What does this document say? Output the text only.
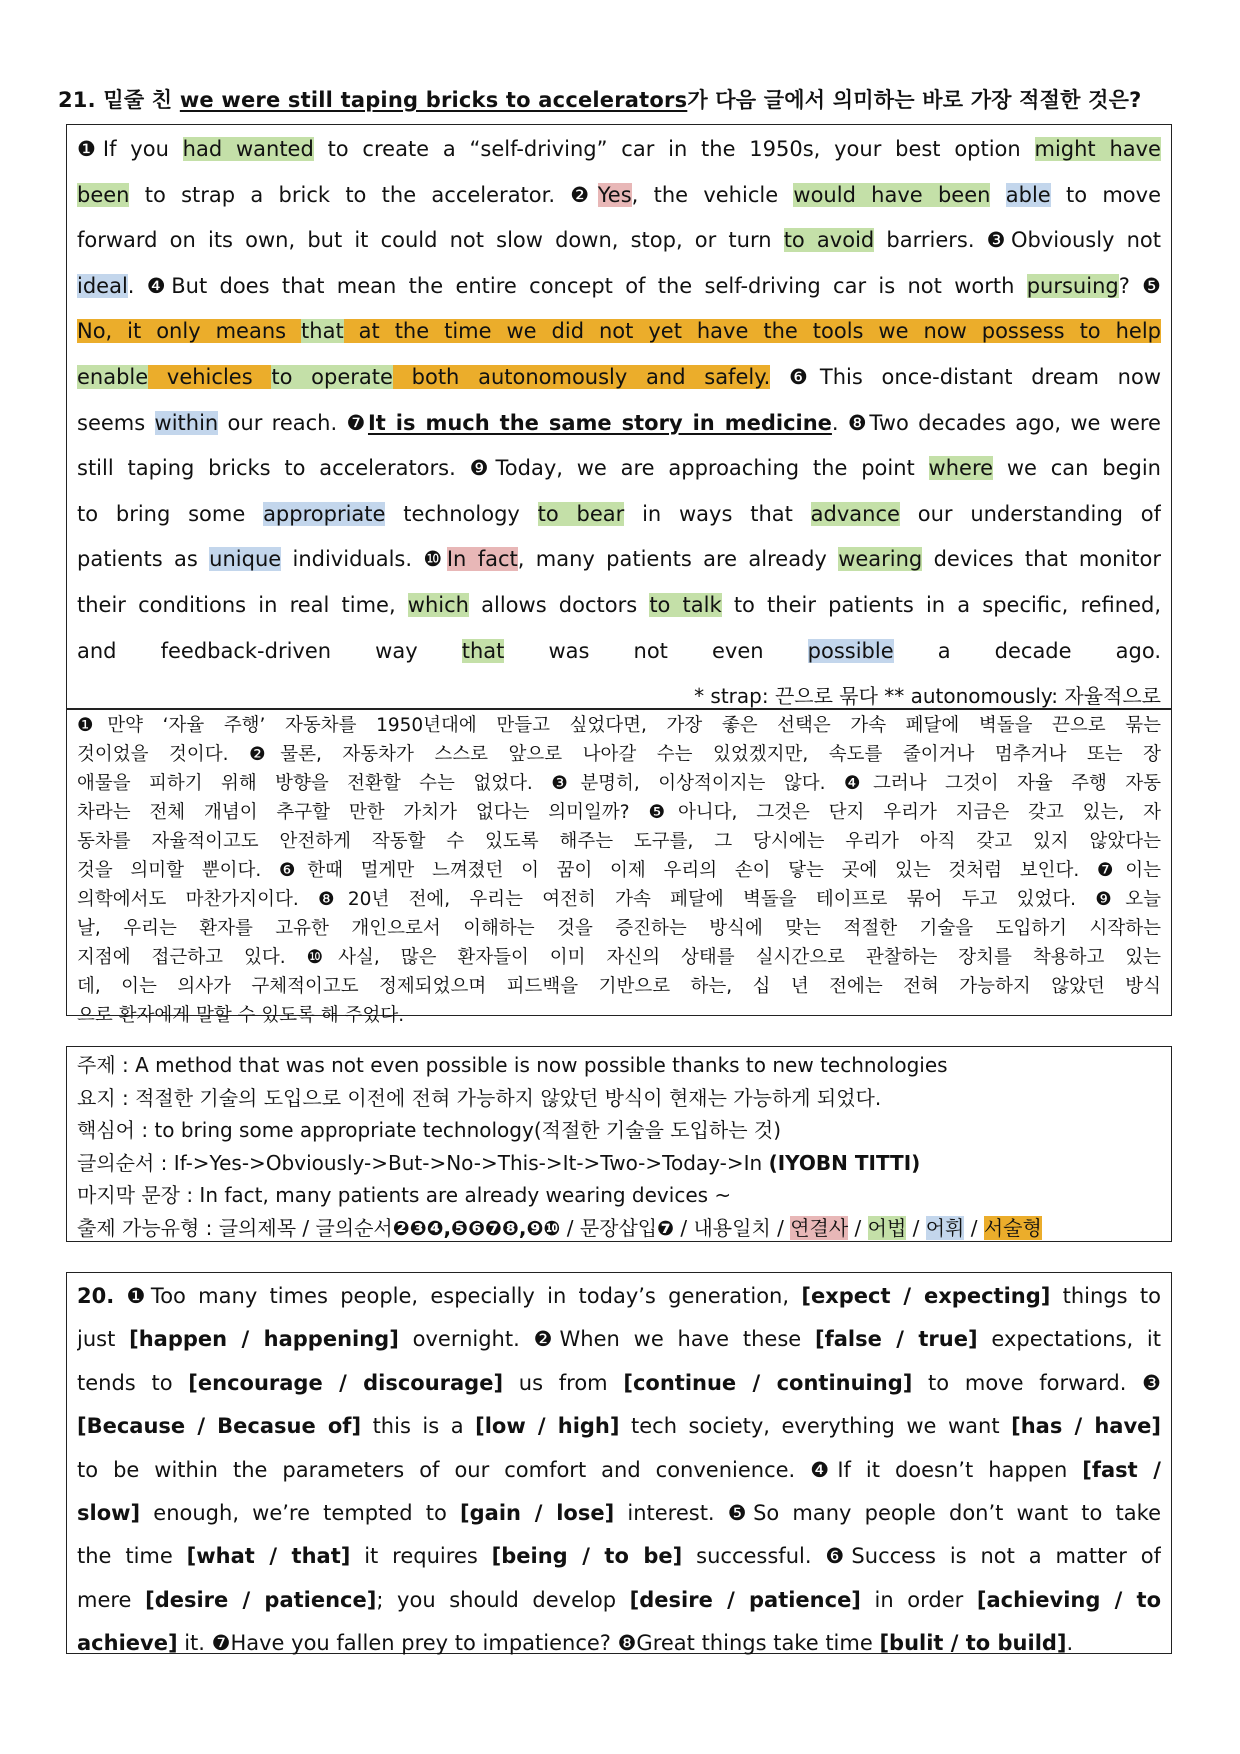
21. 밑줄 친 we were still taping bricks to accelerators가 다음 글에서 의미하는 바로 가장 적절한 것은?
❶If you had wanted to create a “self-driving” car in the 1950s, your best option might have
been to strap a brick to the accelerator. ❷Yes, the vehicle would have been able to move
forward on its own, but it could not slow down, stop, or turn to avoid barriers. ❸Obviously not
ideal. ❹But does that mean the entire concept of the self-driving car is not worth pursuing? ❺
No, it only means that at the time we did not yet have the tools we now possess to help
enable vehicles to operate both autonomously and safely. ❻This once-distant dream now
seems within our reach. ❼It is much the same story in medicine. ❽Two decades ago, we were
still taping bricks to accelerators. ❾Today, we are approaching the point where we can begin
to bring some appropriate technology to bear in ways that advance our understanding of
patients as unique individuals. ❿In fact, many patients are already wearing devices that monitor
their conditions in real time, which allows doctors to talk to their patients in a specific, refined,
and feedback-driven way that was not even possible a decade ago.
* strap: 끈으로 묶다 ** autonomously: 자율적으로
❶만약 ‘자율 주행’ 자동차를 1950년대에 만들고 싶었다면, 가장 좋은 선택은 가속 페달에 벽돌을 끈으로 묶는
것이었을 것이다. ❷물론, 자동차가 스스로 앞으로 나아갈 수는 있었겠지만, 속도를 줄이거나 멈추거나 또는 장
애물을 피하기 위해 방향을 전환할 수는 없었다. ❸분명히, 이상적이지는 않다. ❹그러나 그것이 자율 주행 자동
차라는 전체 개념이 추구할 만한 가치가 없다는 의미일까? ❺아니다, 그것은 단지 우리가 지금은 갖고 있는, 자
동차를 자율적이고도 안전하게 작동할 수 있도록 해주는 도구를, 그 당시에는 우리가 아직 갖고 있지 않았다는
것을 의미할 뿐이다. ❻한때 멀게만 느껴졌던 이 꿈이 이제 우리의 손이 닿는 곳에 있는 것처럼 보인다. ❼이는
의학에서도 마찬가지이다. ❽20년 전에, 우리는 여전히 가속 페달에 벽돌을 테이프로 묶어 두고 있었다. ❾오늘
날, 우리는 환자를 고유한 개인으로서 이해하는 것을 증진하는 방식에 맞는 적절한 기술을 도입하기 시작하는
지점에 접근하고 있다. ❿사실, 많은 환자들이 이미 자신의 상태를 실시간으로 관찰하는 장치를 착용하고 있는
데, 이는 의사가 구체적이고도 정제되었으며 피드백을 기반으로 하는, 십 년 전에는 전혀 가능하지 않았던 방식
으로 환자에게 말할 수 있도록 해 주었다.
주제 : A method that was not even possible is now possible thanks to new technologies
요지 : 적절한 기술의 도입으로 이전에 전혀 가능하지 않았던 방식이 현재는 가능하게 되었다.
핵심어 : to bring some appropriate technology(적절한 기술을 도입하는 것)
글의순서 : If->Yes->Obviously->But->No->This->It->Two->Today->In (IYOBN TITTI)
마지막 문장 : In fact, many patients are already wearing devices ~
출제 가능유형 : 글의제목 / 글의순서❷❸❹,❺❻❼❽,❾❿ / 문장삽입❼ / 내용일치 / 연결사 / 어법 / 어휘 / 서술형
20. ❶Too many times people, especially in today’s generation, [expect / expecting] things to
just [happen / happening] overnight. ❷When we have these [false / true] expectations, it
tends to [encourage / discourage] us from [continue / continuing] to move forward. ❸
[Because / Becasue of] this is a [low / high] tech society, everything we want [has / have]
to be within the parameters of our comfort and convenience. ❹If it doesn’t happen [fast /
slow] enough, we’re tempted to [gain / lose] interest. ❺So many people don’t want to take
the time [what / that] it requires [being / to be] successful. ❻Success is not a matter of
mere [desire / patience]; you should develop [desire / patience] in order [achieving / to
achieve] it. ❼Have you fallen prey to impatience? ❽Great things take time [bulit / to build].
